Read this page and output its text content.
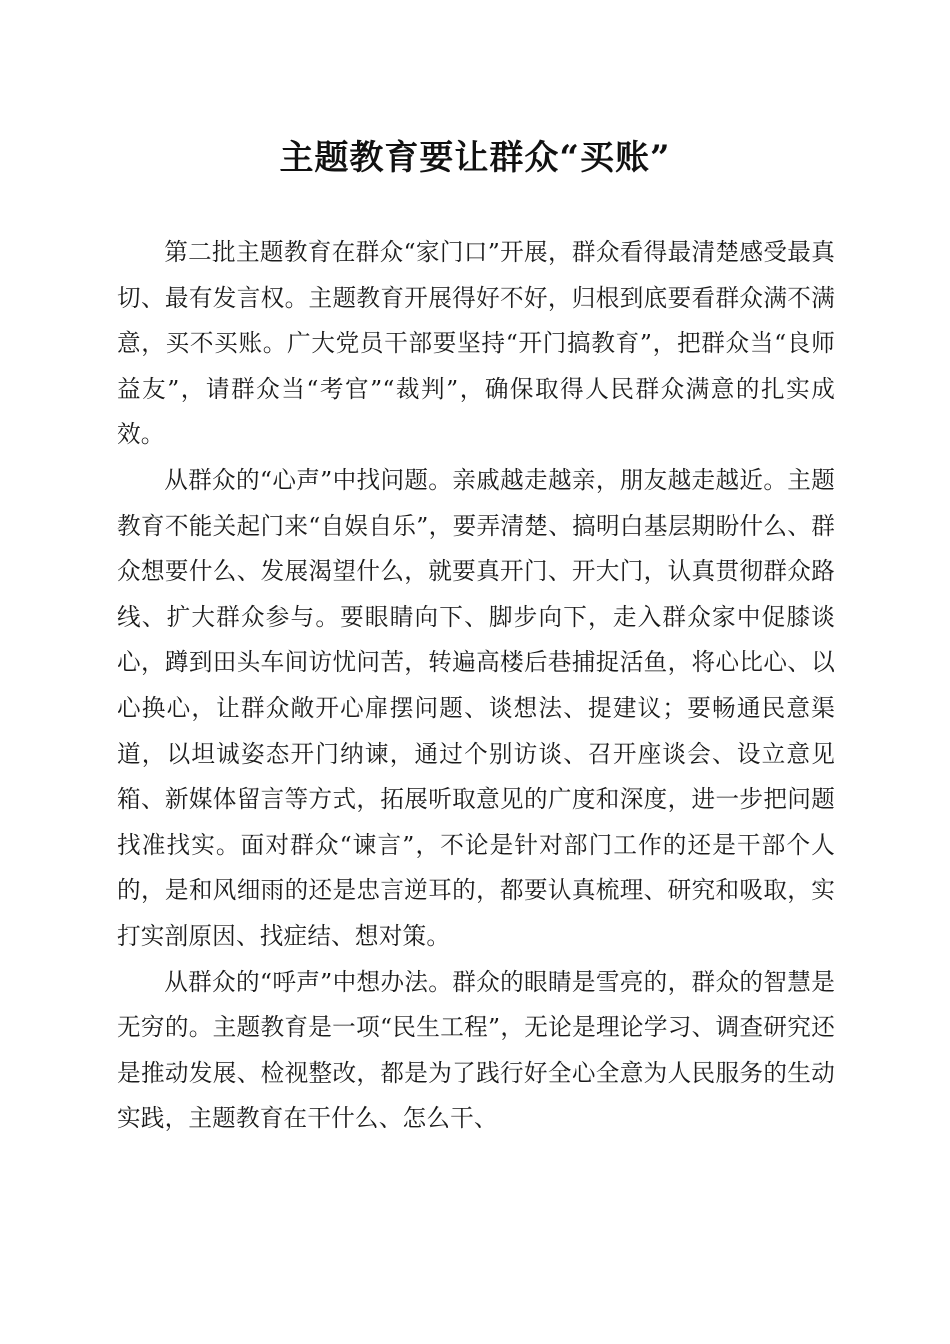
主题教育要让群众“买账”

第二批主题教育在群众“家门口”开展，群众看得最清楚感受最真切、最有发言权。主题教育开展得好不好，归根到底要看群众满不满意，买不买账。广大党员干部要坚持“开门搞教育”，把群众当“良师益友”，请群众当“考官”“裁判”，确保取得人民群众满意的扎实成效。

从群众的“心声”中找问题。亲戚越走越亲，朋友越走越近。主题教育不能关起门来“自娱自乐”，要弄清楚、搞明白基层期盼什么、群众想要什么、发展渴望什么，就要真开门、开大门，认真贯彻群众路线、扩大群众参与。要眼睛向下、脚步向下，走入群众家中促膝谈心，蹲到田头车间访忧问苦，转遍高楼后巷捕捉活鱼，将心比心、以心换心，让群众敞开心扉摆问题、谈想法、提建议；要畅通民意渠道，以坦诚姿态开门纳谏，通过个别访谈、召开座谈会、设立意见箱、新媒体留言等方式，拓展听取意见的广度和深度，进一步把问题找准找实。面对群众“谏言”，不论是针对部门工作的还是干部个人的，是和风细雨的还是忠言逆耳的，都要认真梳理、研究和吸取，实打实剖原因、找症结、想对策。

从群众的“呼声”中想办法。群众的眼睛是雪亮的，群众的智慧是无穷的。主题教育是一项“民生工程”，无论是理论学习、调查研究还是推动发展、检视整改，都是为了践行好全心全意为人民服务的生动实践，主题教育在干什么、怎么干、
